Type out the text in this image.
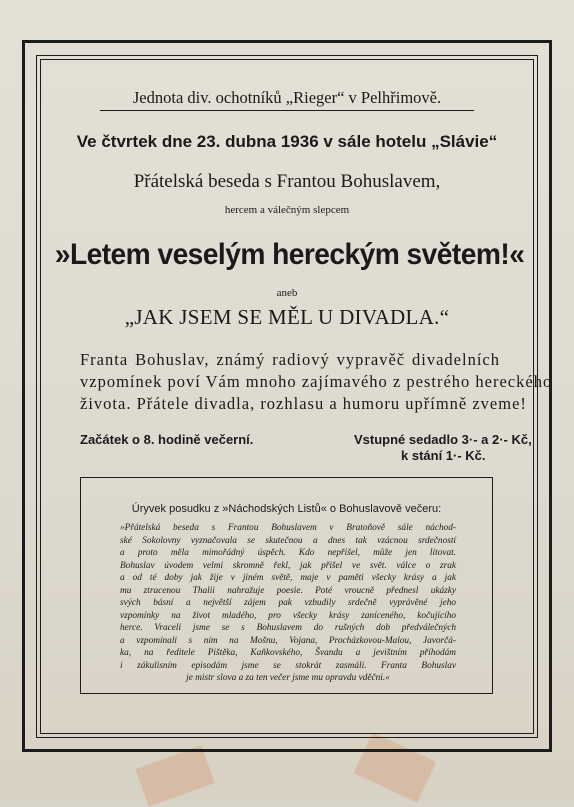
Jednota div. ochotníků „Rieger“ v Pelhřimově.
Ve čtvrtek dne 23. dubna 1936 v sále hotelu „Slávie“
Přátelská beseda s Frantou Bohuslavem,
hercem a válečným slepcem
»Letem veselým hereckým světem!«
aneb
„JAK JSEM SE MĚL U DIVADLA.“
Franta Bohuslav, známý radiový vypravěč divadelních
vzpomínek poví Vám mnoho zajímavého z pestrého hereckého
života. Přátele divadla, rozhlasu a humoru upřímně zveme!
Začátek o 8. hodině večerní.	Vstupné sedadlo 3·- a 2·- Kč,
k stání 1·- Kč.
Úryvek posudku z »Náchodských Listů« o Bohuslavově večeru:
»Přátelská beseda s Frantou Bohuslavem v Bratoňově sále náchod-
ské Sokolovny vyznačovala se skutečnou a dnes tak vzácnou srdečností
a proto měla mimořádný úspěch. Kdo nepřišel, může jen litovat.
Bohuslav úvodem velmi skromně řekl, jak přišel ve svět. válce o zrak
a od té doby jak žije v jiném světě, maje v paměti všecky krásy a jak
mu ztracenou Thalii nahražuje poesie. Poté vroucně přednesl ukázky
svých básní a největší zájem pak vzbudily srdečně vyprávěné jeho
vzpomínky na život mladého, pro všecky krásy zaníceného, kočujícího
herce. Vraceli jsme se s Bohuslavem do rušných dob předválečných
a vzpomínali s ním na Mošnu, Vojana, Procházkovou-Malou, Javorčá-
ka, na ředitele Pištěka, Kaňkovského, Švandu a jevištním příhodám
i zákulisním episodám jsme se stokrát zasmáli. Franta Bohuslav
je mistr slova a za ten večer jsme mu opravdu vděčni.«
